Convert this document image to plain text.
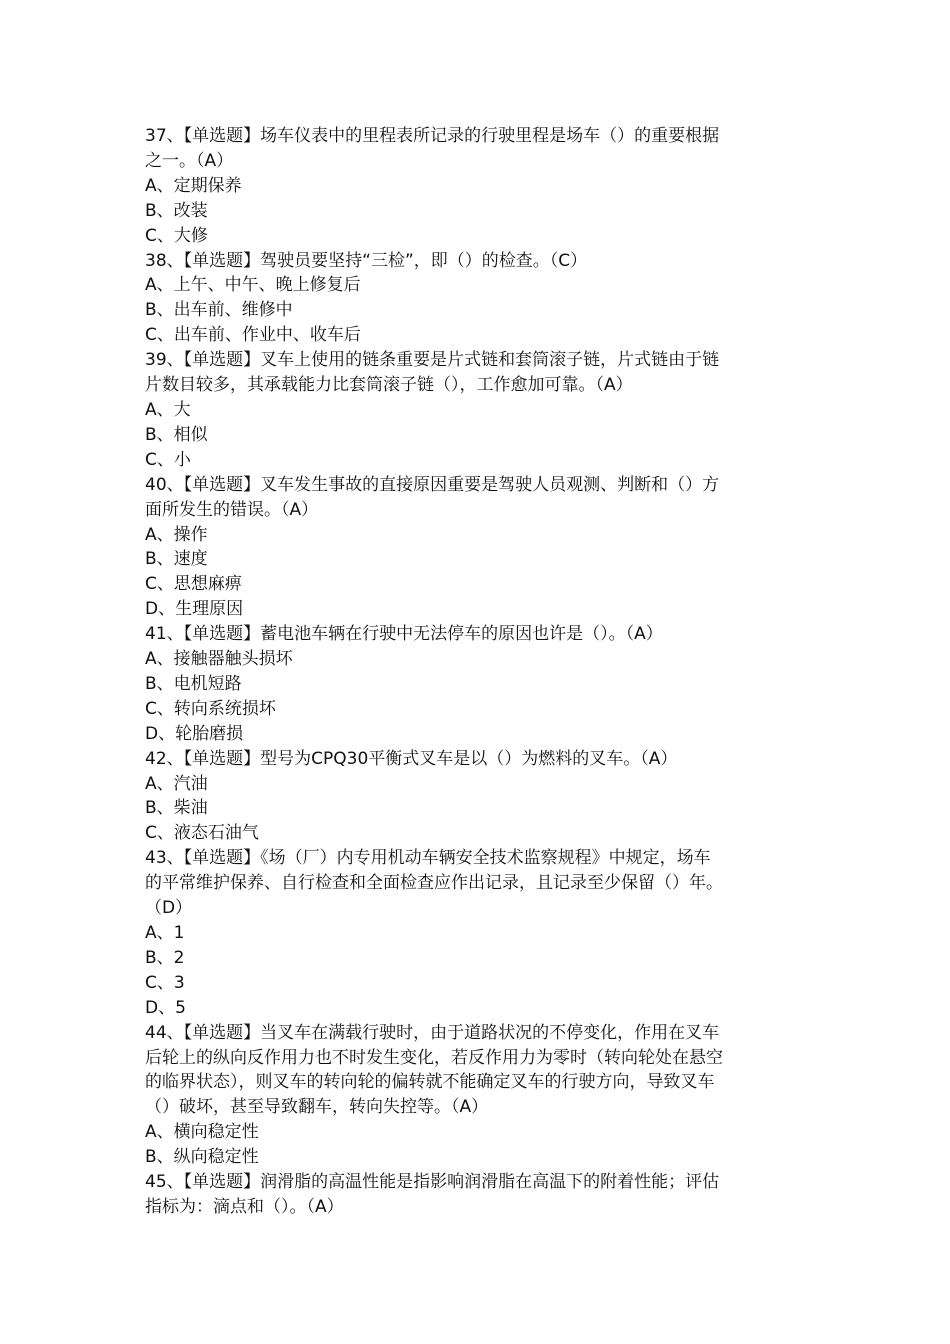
37、【单选题】场车仪表中的里程表所记录的行驶里程是场车（）的重要根据
之一。（A）
A、定期保养
B、改装
C、大修
38、【单选题】驾驶员要坚持“三检”，即（）的检查。（C）
A、上午、中午、晚上修复后
B、出车前、维修中
C、出车前、作业中、收车后
39、【单选题】叉车上使用的链条重要是片式链和套筒滚子链，片式链由于链
片数目较多，其承载能力比套筒滚子链（），工作愈加可靠。（A）
A、大
B、相似
C、小
40、【单选题】叉车发生事故的直接原因重要是驾驶人员观测、判断和（）方
面所发生的错误。（A）
A、操作
B、速度
C、思想麻痹
D、生理原因
41、【单选题】蓄电池车辆在行驶中无法停车的原因也许是（）。（A）
A、接触器触头损坏
B、电机短路
C、转向系统损坏
D、轮胎磨损
42、【单选题】型号为CPQ30平衡式叉车是以（）为燃料的叉车。（A）
A、汽油
B、柴油
C、液态石油气
43、【单选题】《场（厂）内专用机动车辆安全技术监察规程》中规定，场车
的平常维护保养、自行检查和全面检查应作出记录，且记录至少保留（）年。
（D）
A、1
B、2
C、3
D、5
44、【单选题】当叉车在满载行驶时，由于道路状况的不停变化，作用在叉车
后轮上的纵向反作用力也不时发生变化，若反作用力为零时（转向轮处在悬空
的临界状态），则叉车的转向轮的偏转就不能确定叉车的行驶方向，导致叉车
（）破坏，甚至导致翻车，转向失控等。（A）
A、横向稳定性
B、纵向稳定性
45、【单选题】润滑脂的高温性能是指影响润滑脂在高温下的附着性能；评估
指标为：滴点和（）。（A）
